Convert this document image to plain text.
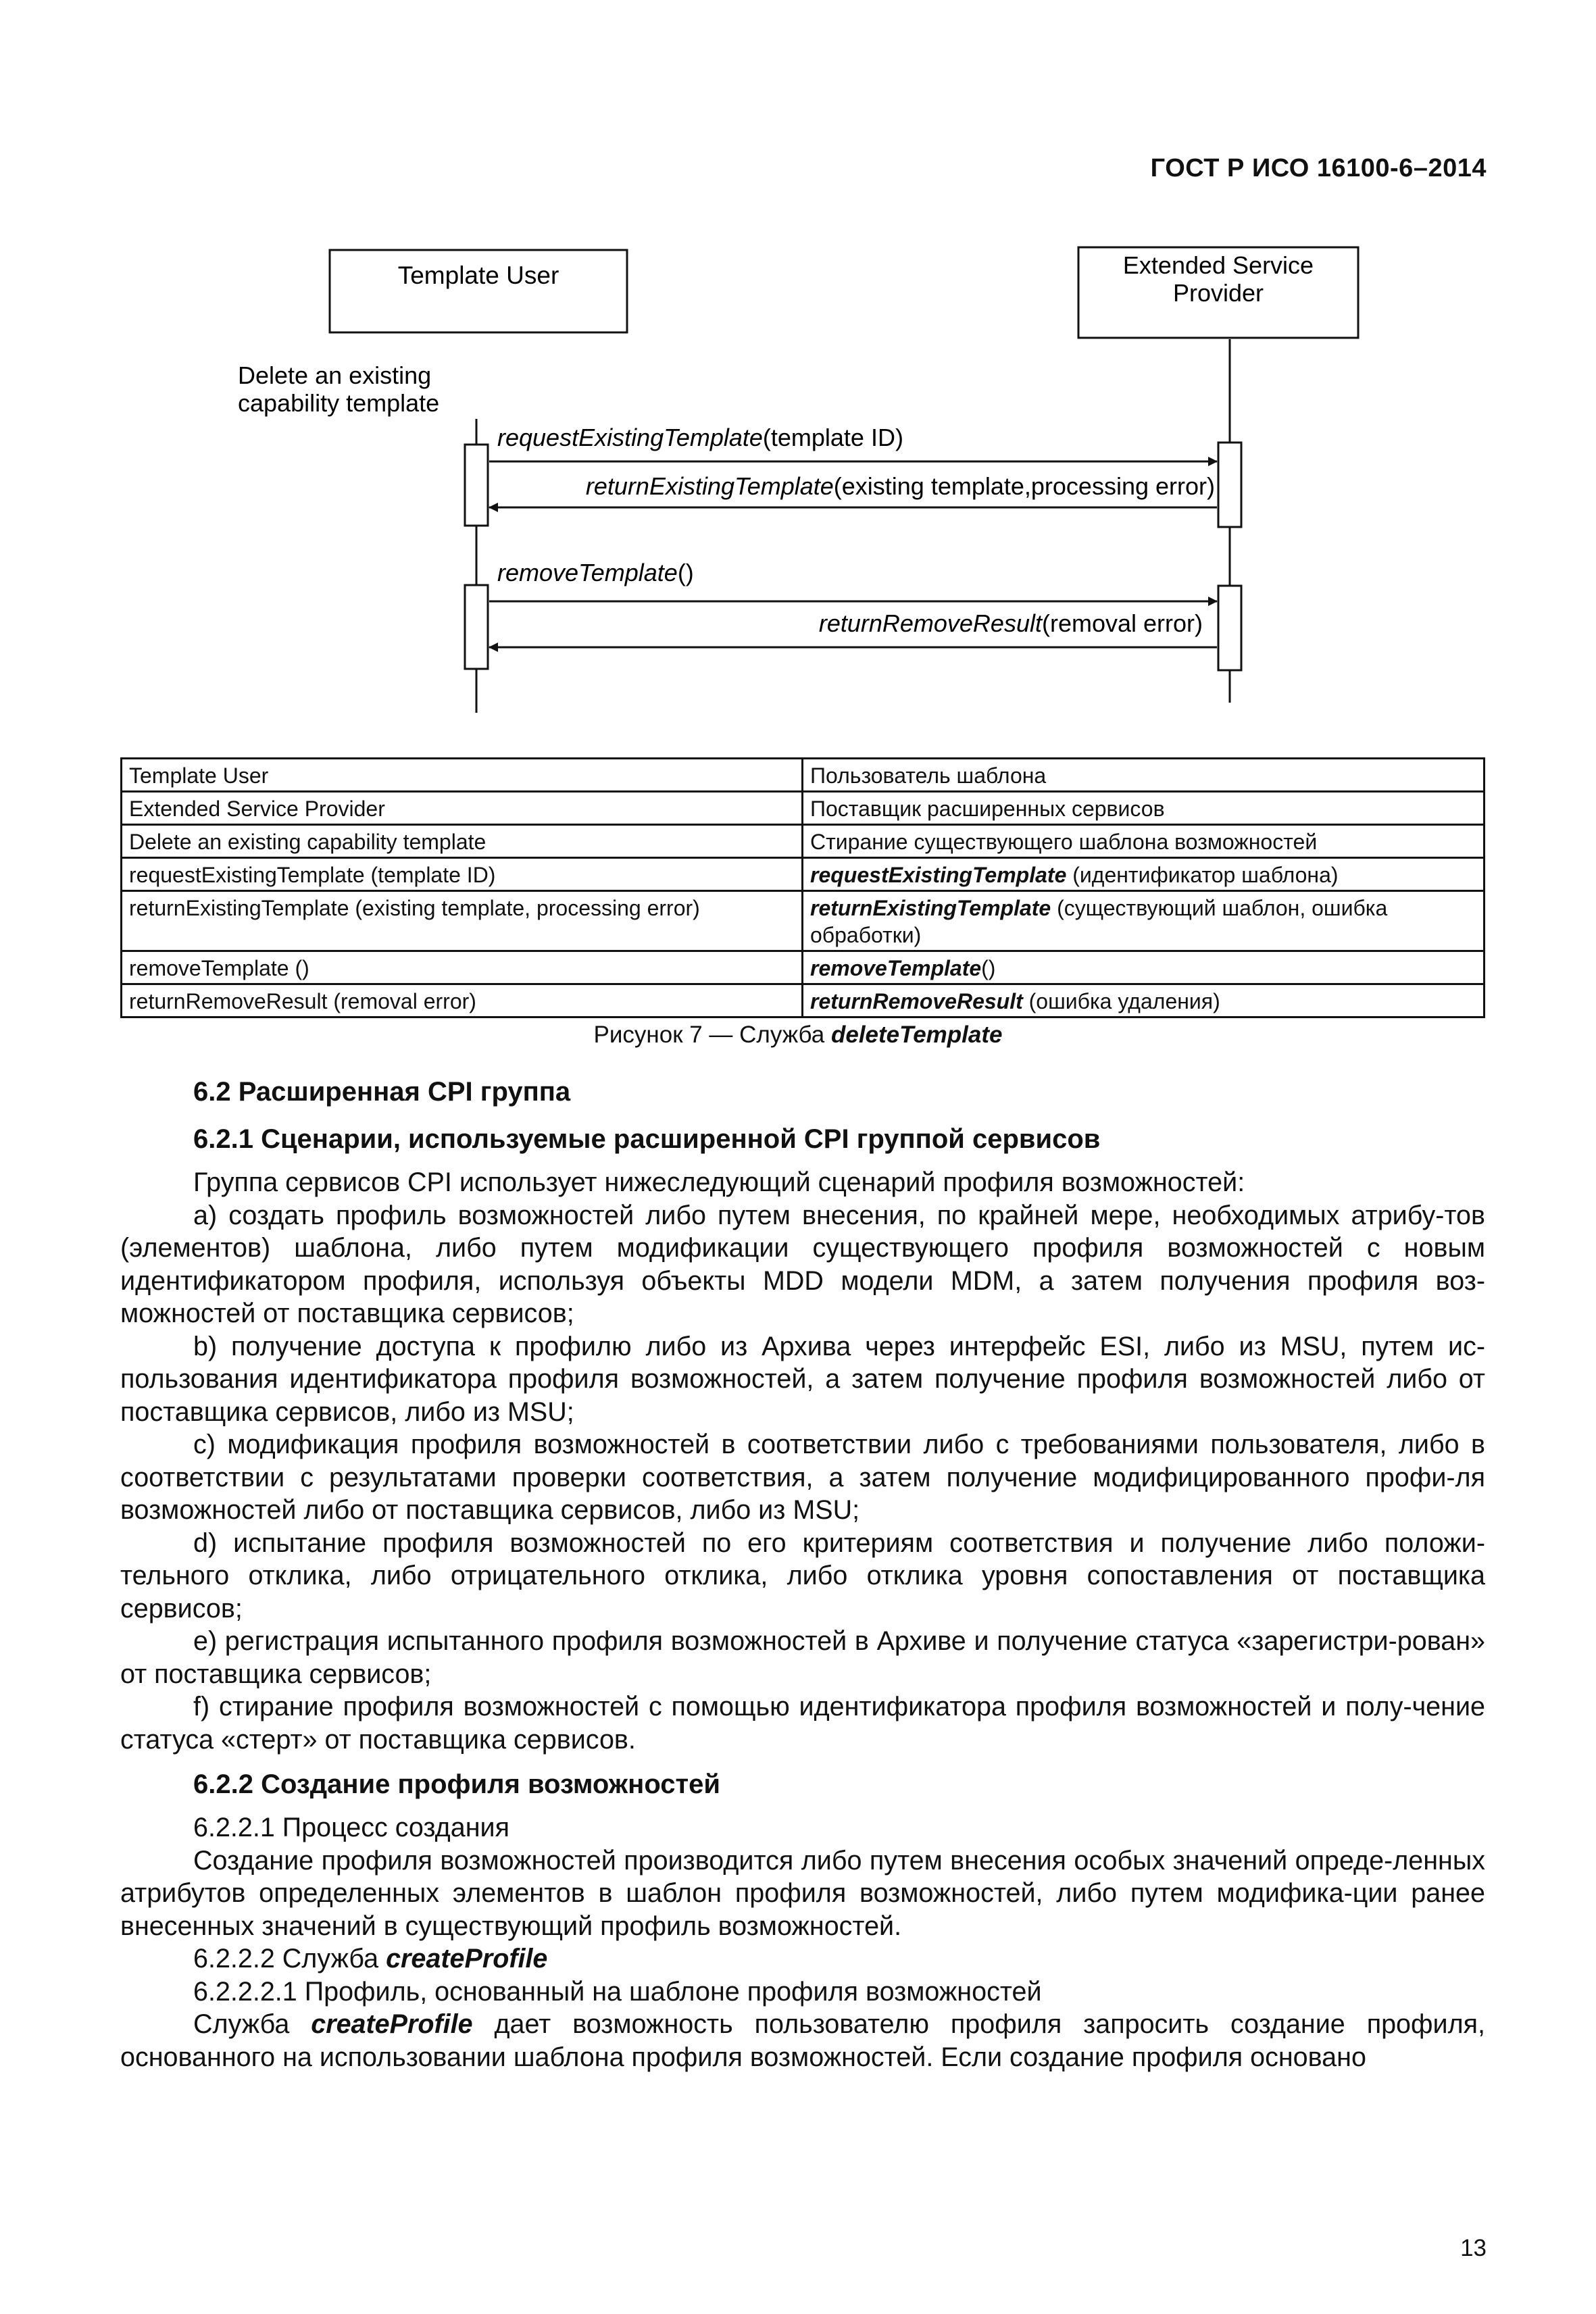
ГОСТ Р ИСО 16100-6–2014
Template User	Extended Service
Provider
Delete an existing
capability template
requestExistingTemplate(template ID)
returnExistingTemplate(existing template,processing error)
removeTemplate()
returnRemoveResult(removal error)
Template User	Пользователь шаблона
Extended Service Provider	Поставщик расширенных сервисов
Delete an existing capability template	Стирание существующего шаблона возможностей
requestExistingTemplate (template ID)	requestExistingTemplate (идентификатор шаблона)
returnExistingTemplate (existing template, processing error)	returnExistingTemplate (существующий шаблон, ошибка обработки)
removeTemplate ()	removeTemplate()
returnRemoveResult (removal error)	returnRemoveResult (ошибка удаления)
Рисунок 7 — Служба deleteTemplate
6.2 Расширенная CPI группа
6.2.1 Сценарии, используемые расширенной CPI группой сервисов

Группа сервисов CPI использует нижеследующий сценарий профиля возможностей:

a) создать профиль возможностей либо путем внесения, по крайней мере, необходимых атрибу-тов (элементов) шаблона, либо путем модификации существующего профиля возможностей с новым идентификатором профиля, используя объекты MDD модели MDM, а затем получения профиля воз-можностей от поставщика сервисов;

b) получение доступа к профилю либо из Архива через интерфейс ESI, либо из MSU, путем ис-пользования идентификатора профиля возможностей, а затем получение профиля возможностей либо от поставщика сервисов, либо из MSU;

c) модификация профиля возможностей в соответствии либо с требованиями пользователя, либо в соответствии с результатами проверки соответствия, а затем получение модифицированного профи-ля возможностей либо от поставщика сервисов, либо из MSU;

d) испытание профиля возможностей по его критериям соответствия и получение либо положи-тельного отклика, либо отрицательного отклика, либо отклика уровня сопоставления от поставщика сервисов;

e) регистрация испытанного профиля возможностей в Архиве и получение статуса «зарегистри-рован» от поставщика сервисов;

f) стирание профиля возможностей с помощью идентификатора профиля возможностей и полу-чение статуса «стерт» от поставщика сервисов.

6.2.2 Создание профиля возможностей

6.2.2.1 Процесс создания

Создание профиля возможностей производится либо путем внесения особых значений опреде-ленных атрибутов определенных элементов в шаблон профиля возможностей, либо путем модифика-ции ранее внесенных значений в существующий профиль возможностей.

6.2.2.2 Служба createProfile

6.2.2.2.1 Профиль, основанный на шаблоне профиля возможностей

Служба createProfile дает возможность пользователю профиля запросить создание профиля, основанного на использовании шаблона профиля возможностей. Если создание профиля основано

13
